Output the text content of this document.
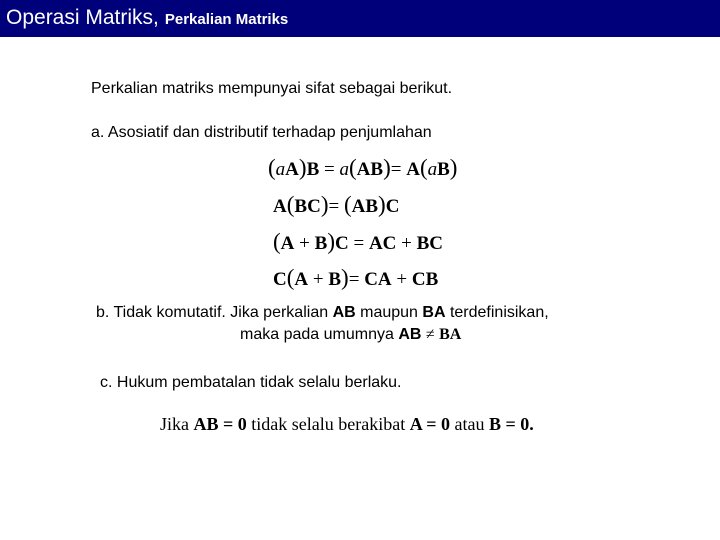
Operasi Matriks, Perkalian Matriks
Perkalian matriks mempunyai sifat sebagai berikut.
a. Asosiatif dan distributif terhadap penjumlahan
(aA)B = a(AB)= A(aB)
A(BC)= (AB)C
(A + B)C = AC + BC
C(A + B)= CA + CB
b. Tidak komutatif. Jika perkalian AB maupun BA terdefinisikan,
maka pada umumnya AB ≠ BA
c. Hukum pembatalan tidak selalu berlaku.
Jika AB = 0 tidak selalu berakibat A = 0 atau B = 0.
